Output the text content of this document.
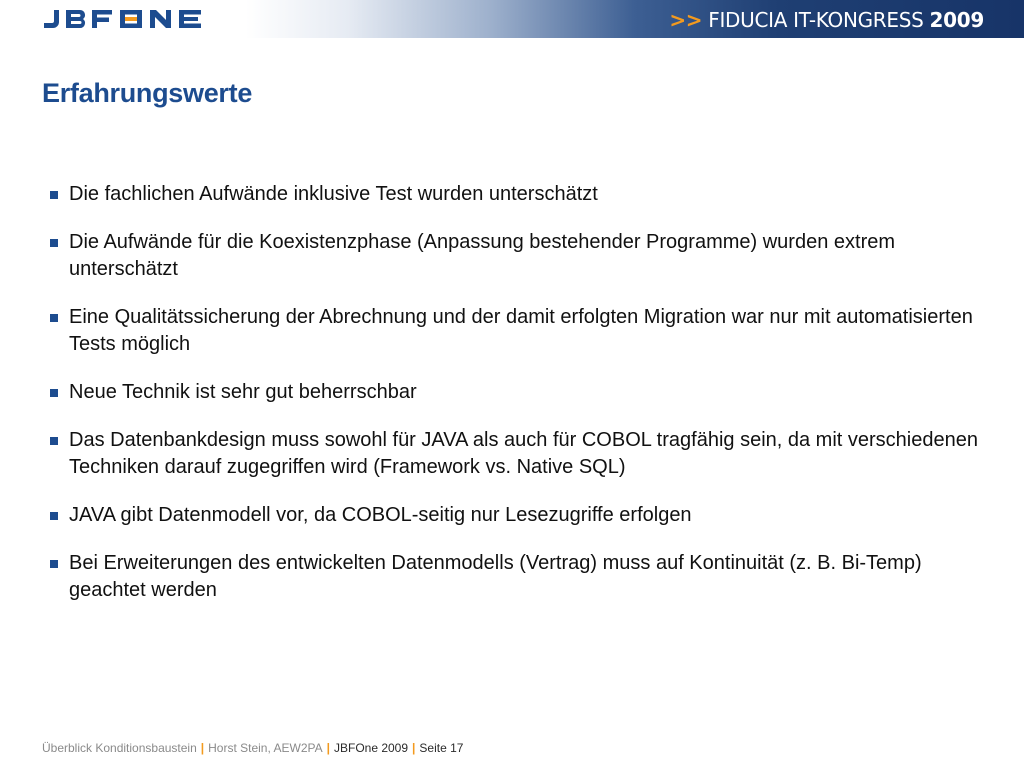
>> FIDUCIA IT-KONGRESS 2009
Erfahrungswerte
Die fachlichen Aufwände inklusive Test wurden unterschätzt
Die Aufwände für die Koexistenzphase (Anpassung bestehender Programme) wurden extrem unterschätzt
Eine Qualitätssicherung der Abrechnung und der damit erfolgten Migration war nur mit automatisierten Tests möglich
Neue Technik ist sehr gut beherrschbar
Das Datenbankdesign muss sowohl für JAVA als auch für COBOL tragfähig sein, da mit verschiedenen Techniken darauf zugegriffen wird (Framework vs. Native SQL)
JAVA gibt Datenmodell vor, da COBOL-seitig nur Lesezugriffe erfolgen
Bei Erweiterungen des entwickelten Datenmodells (Vertrag) muss auf Kontinuität (z. B. Bi-Temp) geachtet werden
Überblick Konditionsbaustein | Horst Stein, AEW2PA | JBFOne 2009 | Seite 17
